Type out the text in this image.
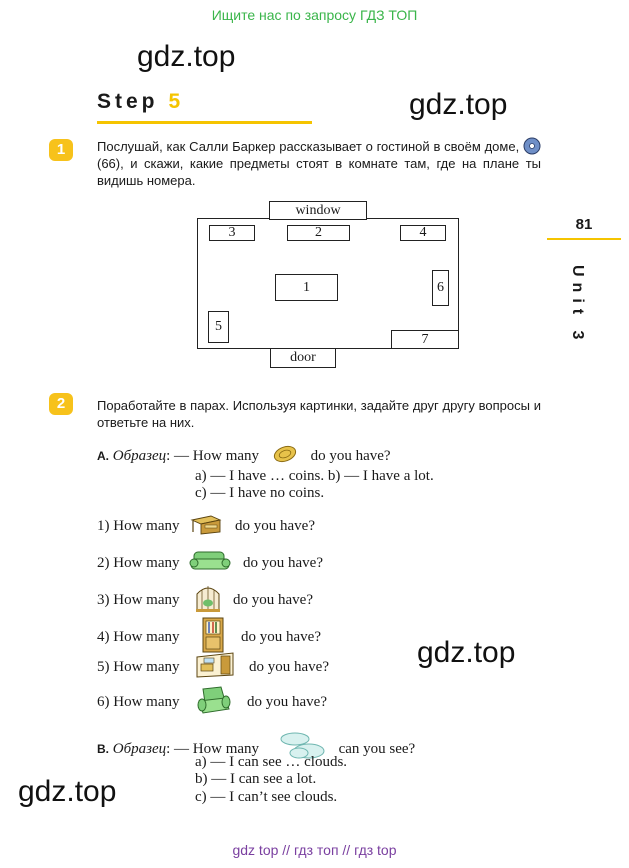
Ищите нас по запросу ГДЗ ТОП
gdz.top
gdz.top
gdz.top
gdz.top
Step 5
81
Unit 3
1	Послушай, как Салли Баркер рассказывает о гостиной в своём доме,  (66), и скажи, какие предметы стоят в комнате там, где на плане ты видишь номера.
window
3	2	4
1	6
5
7
door
2	Поработайте в парах. Используя картинки, задайте друг другу вопросы и ответьте на них.
A. Образец: — How many	do you have?
a) — I have … coins. b) — I have a lot.
c) — I have no coins.
1) How many	do you have?
2) How many	do you have?
3) How many	do you have?
4) How many	do you have?
5) How many	do you have?
6) How many	do you have?
B. Образец: — How many	can you see?
a) — I can see … clouds.
b) — I can see a lot.
c) — I can’t see clouds.
gdz top // гдз топ // гдз top
